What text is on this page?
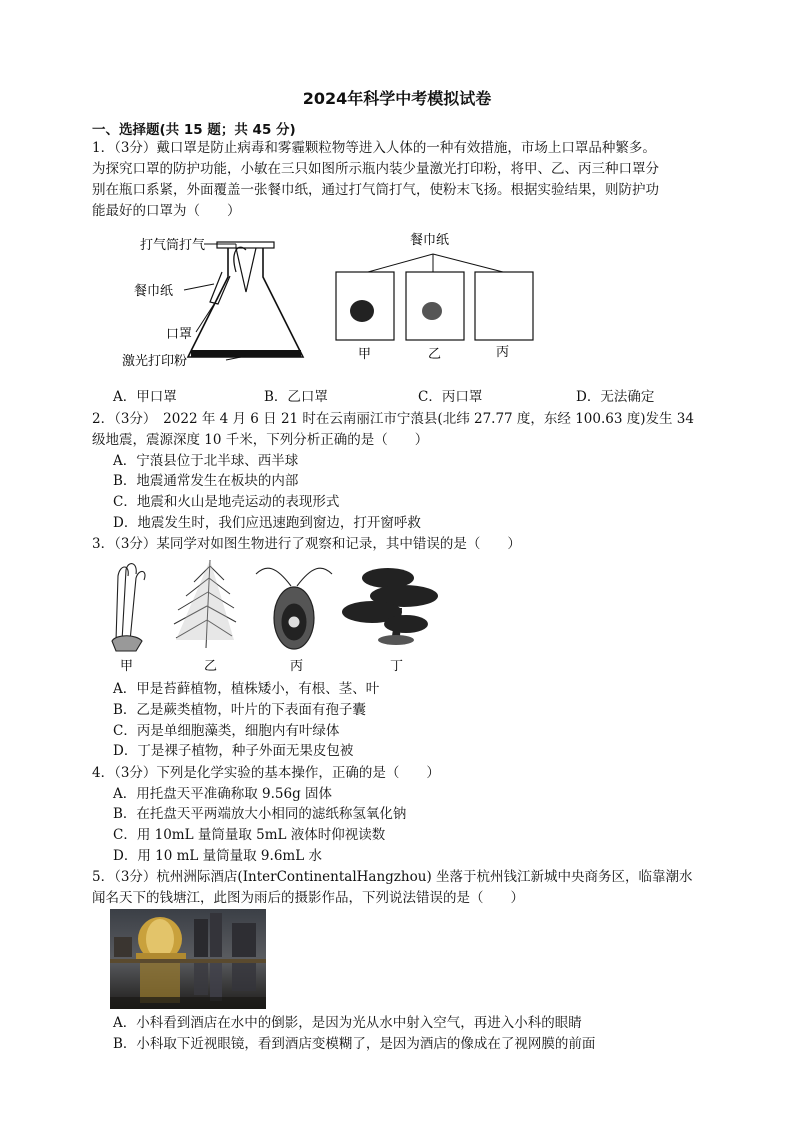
2024年科学中考模拟试卷
一、选择题(共 15 题；共 45 分)
1．（3分）戴口罩是防止病毒和雾霾颗粒物等进入人体的一种有效措施，市场上口罩品种繁多。
为探究口罩的防护功能，小敏在三只如图所示瓶内装少量激光打印粉，将甲、乙、丙三种口罩分
别在瓶口系紧，外面覆盖一张餐巾纸，通过打气筒打气，使粉末飞扬。根据实验结果，则防护功
能最好的口罩为（　　）
打气筒打气
餐巾纸
口罩
激光打印粉
餐巾纸
甲	乙	丙
A．甲口罩	B．乙口罩	C．丙口罩	D．无法确定
2．（3分）　2022 年 4 月 6 日 21 时在云南丽江市宁蒗县(北纬 27.77 度，东经 100.63 度)发生 34
级地震，震源深度 10 千米，下列分析正确的是（　　）
A．宁蒗县位于北半球、西半球
B．地震通常发生在板块的内部
C．地震和火山是地壳运动的表现形式
D．地震发生时，我们应迅速跑到窗边，打开窗呼救
3．（3分）某同学对如图生物进行了观察和记录，其中错误的是（　　）
甲	乙	丙	丁
A．甲是苔藓植物，植株矮小，有根、茎、叶
B．乙是蕨类植物，叶片的下表面有孢子囊
C．丙是单细胞藻类，细胞内有叶绿体
D．丁是裸子植物，种子外面无果皮包被
4．（3分）下列是化学实验的基本操作，正确的是（　　）
A．用托盘天平准确称取 9.56g 固体
B．在托盘天平两端放大小相同的滤纸称氢氧化钠
C．用 10mL 量筒量取 5mL 液体时仰视读数
D．用 10 mL 量筒量取 9.6mL 水
5．（3分）杭州洲际酒店(InterContinentalHangzhou) 坐落于杭州钱江新城中央商务区，临靠潮水
闻名天下的钱塘江，此图为雨后的摄影作品，下列说法错误的是（　　）
A．小科看到酒店在水中的倒影，是因为光从水中射入空气，再进入小科的眼睛
B．小科取下近视眼镜，看到酒店变模糊了，是因为酒店的像成在了视网膜的前面
